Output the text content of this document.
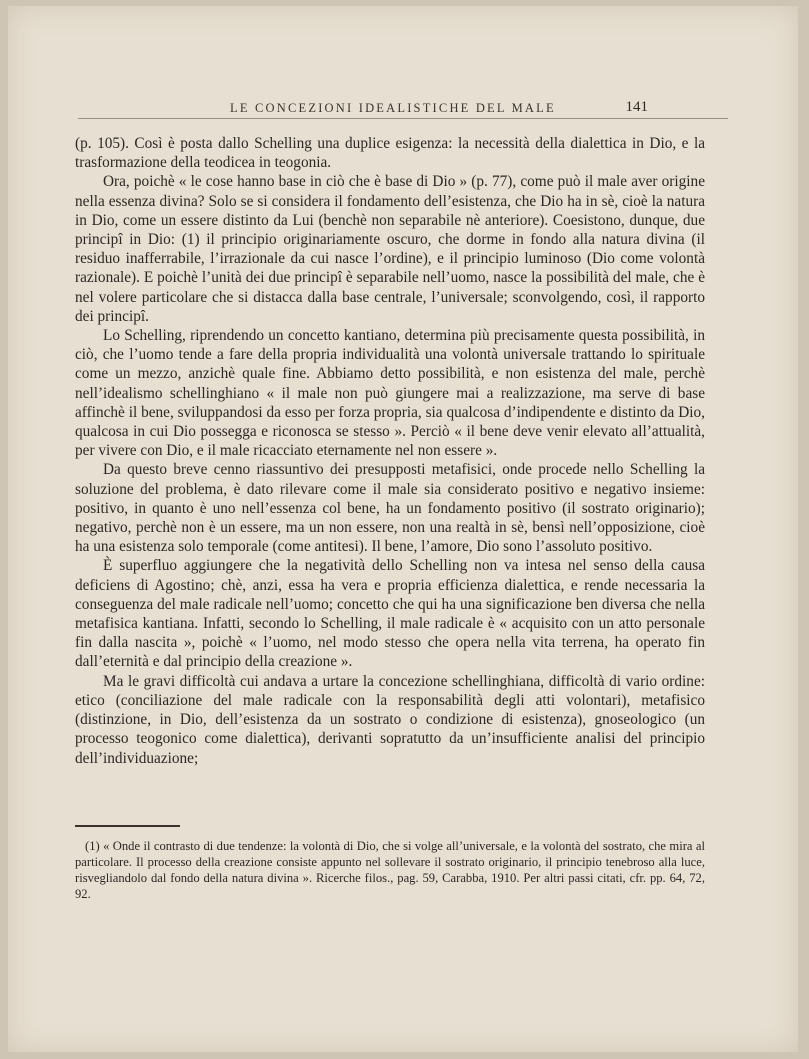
LE CONCEZIONI IDEALISTICHE DEL MALE	141

(p. 105). Così è posta dallo Schelling una duplice esigenza: la necessità della dialettica in Dio, e la trasformazione della teodicea in teogonia.

Ora, poichè « le cose hanno base in ciò che è base di Dio » (p. 77), come può il male aver origine nella essenza divina? Solo se si considera il fondamento dell’esistenza, che Dio ha in sè, cioè la natura in Dio, come un essere distinto da Lui (benchè non separabile nè anteriore). Coesistono, dunque, due principî in Dio: (1) il principio originariamente oscuro, che dorme in fondo alla natura divina (il residuo inafferrabile, l’irrazionale da cui nasce l’ordine), e il principio luminoso (Dio come volontà razionale). E poichè l’unità dei due principî è separabile nell’uomo, nasce la possibilità del male, che è nel volere particolare che si distacca dalla base centrale, l’universale; sconvolgendo, così, il rapporto dei principî.

Lo Schelling, riprendendo un concetto kantiano, determina più precisamente questa possibilità, in ciò, che l’uomo tende a fare della propria individualità una volontà universale trattando lo spirituale come un mezzo, anzichè quale fine. Abbiamo detto possibilità, e non esistenza del male, perchè nell’idealismo schellinghiano « il male non può giungere mai a realizzazione, ma serve di base affinchè il bene, sviluppandosi da esso per forza propria, sia qualcosa d’indipendente e distinto da Dio, qualcosa in cui Dio possegga e riconosca se stesso ». Perciò « il bene deve venir elevato all’attualità, per vivere con Dio, e il male ricacciato eternamente nel non essere ».

Da questo breve cenno riassuntivo dei presupposti metafisici, onde procede nello Schelling la soluzione del problema, è dato rilevare come il male sia considerato positivo e negativo insieme: positivo, in quanto è uno nell’essenza col bene, ha un fondamento positivo (il sostrato originario); negativo, perchè non è un essere, ma un non essere, non una realtà in sè, bensì nell’opposizione, cioè ha una esistenza solo temporale (come antitesi). Il bene, l’amore, Dio sono l’assoluto positivo.

È superfluo aggiungere che la negatività dello Schelling non va intesa nel senso della causa deficiens di Agostino; chè, anzi, essa ha vera e propria efficienza dialettica, e rende necessaria la conseguenza del male radicale nell’uomo; concetto che qui ha una significazione ben diversa che nella metafisica kantiana. Infatti, secondo lo Schelling, il male radicale è « acquisito con un atto personale fin dalla nascita », poichè « l’uomo, nel modo stesso che opera nella vita terrena, ha operato fin dall’eternità e dal principio della creazione ».

Ma le gravi difficoltà cui andava a urtare la concezione schellinghiana, difficoltà di vario ordine: etico (conciliazione del male radicale con la responsabilità degli atti volontari), metafisico (distinzione, in Dio, dell’esistenza da un sostrato o condizione di esistenza), gnoseologico (un processo teogonico come dialettica), derivanti sopratutto da un’insufficiente analisi del principio dell’individuazione;

(1) « Onde il contrasto di due tendenze: la volontà di Dio, che si volge all’universale, e la volontà del sostrato, che mira al particolare. Il processo della creazione consiste appunto nel sollevare il sostrato originario, il principio tenebroso alla luce, risvegliandolo dal fondo della natura divina ». Ricerche filos., pag. 59, Carabba, 1910. Per altri passi citati, cfr. pp. 64, 72, 92.
